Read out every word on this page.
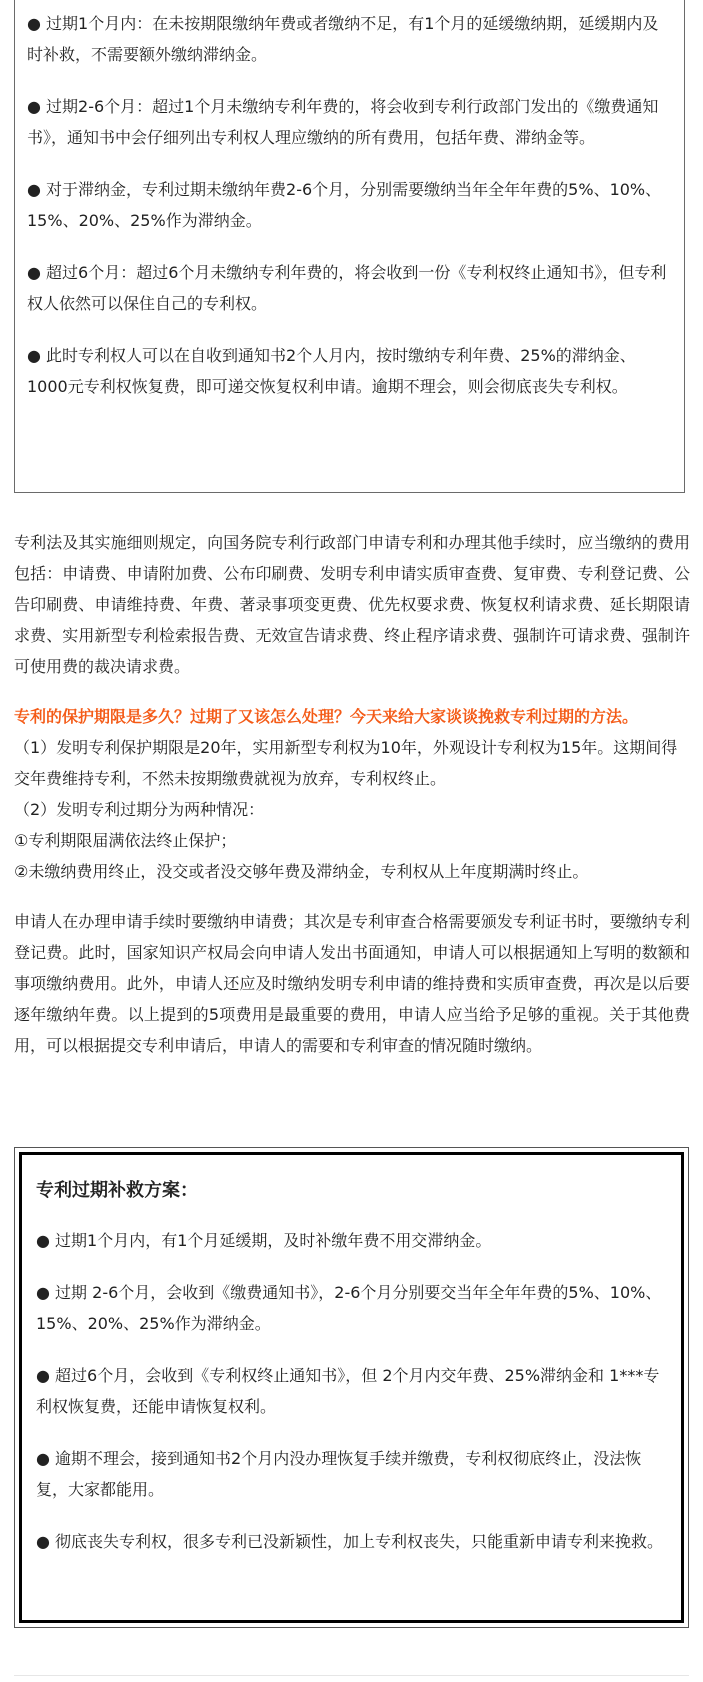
● 过期1个月内：在未按期限缴纳年费或者缴纳不足，有1个月的延缓缴纳期，延缓期内及时补救，不需要额外缴纳滞纳金。

● 过期2-6个月：超过1个月未缴纳专利年费的，将会收到专利行政部门发出的《缴费通知书》，通知书中会仔细列出专利权人理应缴纳的所有费用，包括年费、滞纳金等。

● 对于滞纳金，专利过期未缴纳年费2-6个月，分别需要缴纳当年全年年费的5%、10%、15%、20%、25%作为滞纳金。

● 超过6个月：超过6个月未缴纳专利年费的，将会收到一份《专利权终止通知书》，但专利权人依然可以保住自己的专利权。

● 此时专利权人可以在自收到通知书2个人月内，按时缴纳专利年费、25%的滞纳金、1000元专利权恢复费，即可递交恢复权利申请。逾期不理会，则会彻底丧失专利权。

专利法及其实施细则规定，向国务院专利行政部门申请专利和办理其他手续时，应当缴纳的费用包括：申请费、申请附加费、公布印刷费、发明专利申请实质审查费、复审费、专利登记费、公告印刷费、申请维持费、年费、著录事项变更费、优先权要求费、恢复权利请求费、延长期限请求费、实用新型专利检索报告费、无效宣告请求费、终止程序请求费、强制许可请求费、强制许可使用费的裁决请求费。

专利的保护期限是多久？过期了又该怎么处理？今天来给大家谈谈挽救专利过期的方法。

（1）发明专利保护期限是20年，实用新型专利权为10年，外观设计专利权为15年。这期间得交年费维持专利，不然未按期缴费就视为放弃，专利权终止。

（2）发明专利过期分为两种情况：

①专利期限届满依法终止保护；

②未缴纳费用终止，没交或者没交够年费及滞纳金，专利权从上年度期满时终止。

申请人在办理申请手续时要缴纳申请费；其次是专利审查合格需要颁发专利证书时，要缴纳专利登记费。此时，国家知识产权局会向申请人发出书面通知，申请人可以根据通知上写明的数额和事项缴纳费用。此外，申请人还应及时缴纳发明专利申请的维持费和实质审查费，再次是以后要逐年缴纳年费。以上提到的5项费用是最重要的费用，申请人应当给予足够的重视。关于其他费用，可以根据提交专利申请后，申请人的需要和专利审查的情况随时缴纳。

专利过期补救方案：

● 过期1个月内，有1个月延缓期，及时补缴年费不用交滞纳金。

● 过期 2-6个月，会收到《缴费通知书》，2-6个月分别要交当年全年年费的5%、10%、15%、20%、25%作为滞纳金。

● 超过6个月，会收到《专利权终止通知书》，但 2个月内交年费、25%滞纳金和 1***专利权恢复费，还能申请恢复权利。

● 逾期不理会，接到通知书2个月内没办理恢复手续并缴费，专利权彻底终止，没法恢复，大家都能用。

● 彻底丧失专利权，很多专利已没新颖性，加上专利权丧失，只能重新申请专利来挽救。
